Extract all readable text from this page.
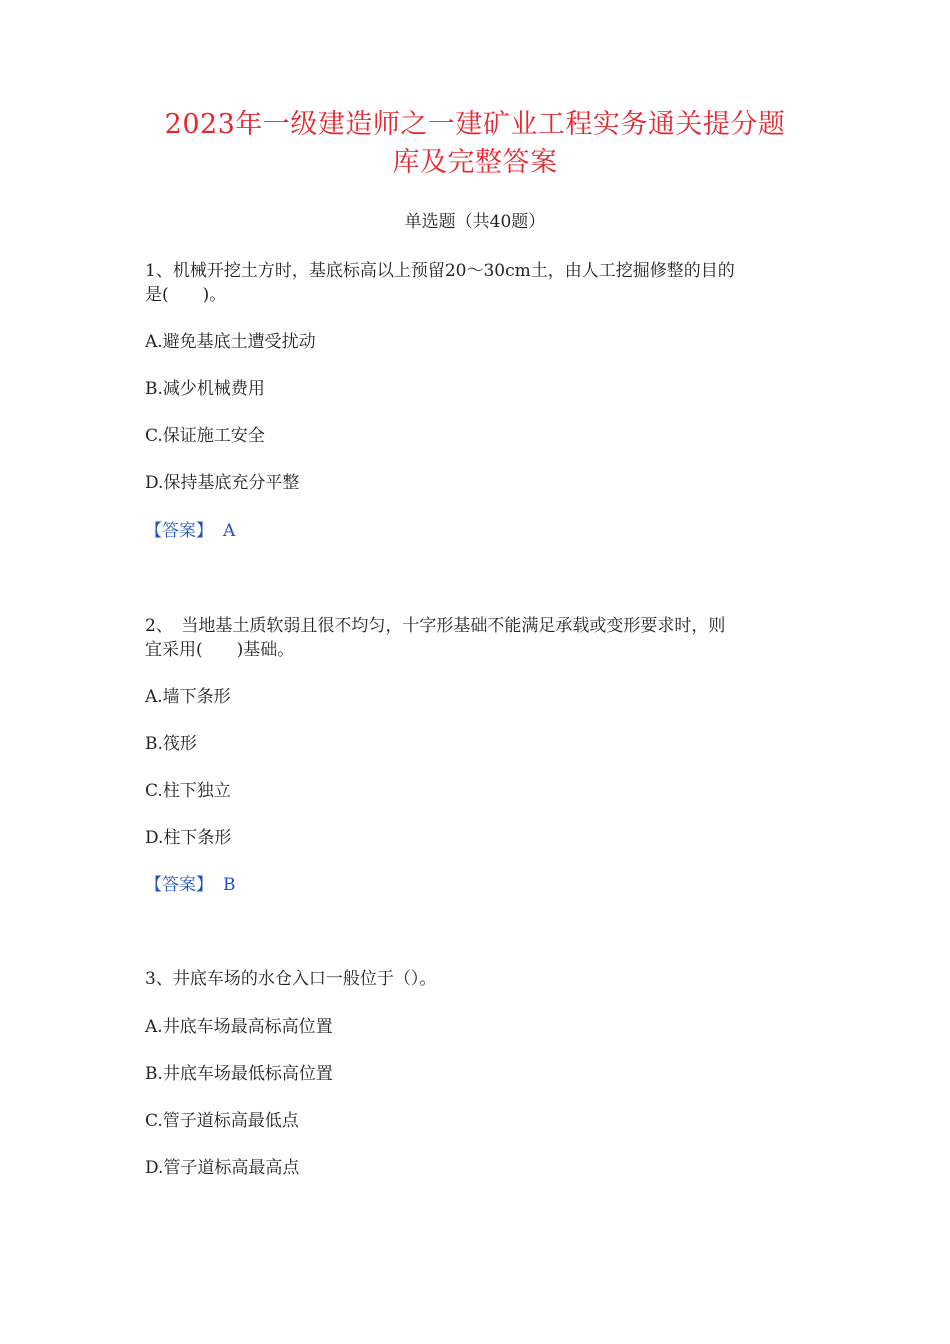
2023年一级建造师之一建矿业工程实务通关提分题
库及完整答案
单选题（共40题）
1、机械开挖土方时，基底标高以上预留20～30cm土，由人工挖掘修整的目的
是(　　)。
A.避免基底土遭受扰动
B.减少机械费用
C.保证施工安全
D.保持基底充分平整
【答案】 A
2、　当地基土质软弱且很不均匀，十字形基础不能满足承载或变形要求时，则
宜采用(　　)基础。
A.墙下条形
B.筏形
C.柱下独立
D.柱下条形
【答案】 B
3、井底车场的水仓入口一般位于（）。
A.井底车场最高标高位置
B.井底车场最低标高位置
C.管子道标高最低点
D.管子道标高最高点
